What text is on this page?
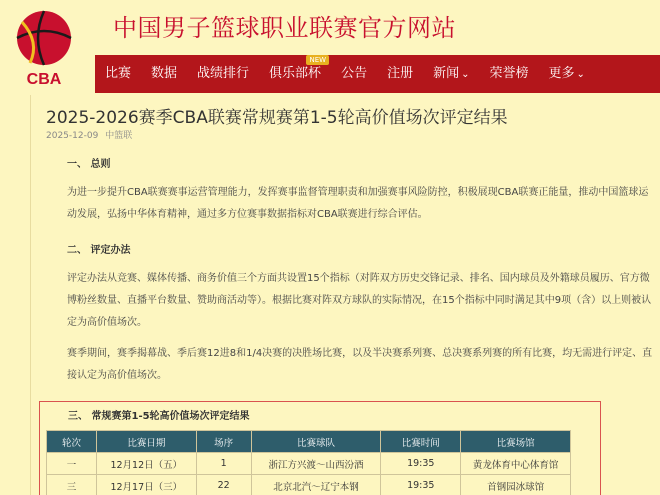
CBA
中国男子篮球职业联赛官方网站
比赛	数据	战绩排行	俱乐部杯
NEW
公告	注册	新闻 ⌄	荣誉榜	更多 ⌄
2025-2026赛季CBA联赛常规赛第1-5轮高价值场次评定结果
2025-12-09 中篮联
一、 总则
为进一步提升CBA联赛赛事运营管理能力，发挥赛事监督管理职责和加强赛事风险防控，积极展现CBA联赛正能量，推动中国篮球运动发展，弘扬中华体育精神，通过多方位赛事数据指标对CBA联赛进行综合评估。
二、 评定办法
评定办法从竞赛、媒体传播、商务价值三个方面共设置15个指标（对阵双方历史交锋记录、排名、国内球员及外籍球员履历、官方微博粉丝数量、直播平台数量、赞助商活动等）。根据比赛对阵双方球队的实际情况，在15个指标中同时满足其中9项（含）以上则被认定为高价值场次。
赛季期间，赛季揭幕战、季后赛12进8和1/4决赛的决胜场比赛，以及半决赛系列赛、总决赛系列赛的所有比赛，均无需进行评定、直接认定为高价值场次。
三、 常规赛第1-5轮高价值场次评定结果
轮次	比赛日期	场序	比赛球队	比赛时间	比赛场馆
一	12月12日（五）	1	浙江方兴渡～山西汾酒	19:35	黄龙体育中心体育馆
三	12月17日（三）	22	北京北汽～辽宁本钢	19:35	首钢园冰球馆
